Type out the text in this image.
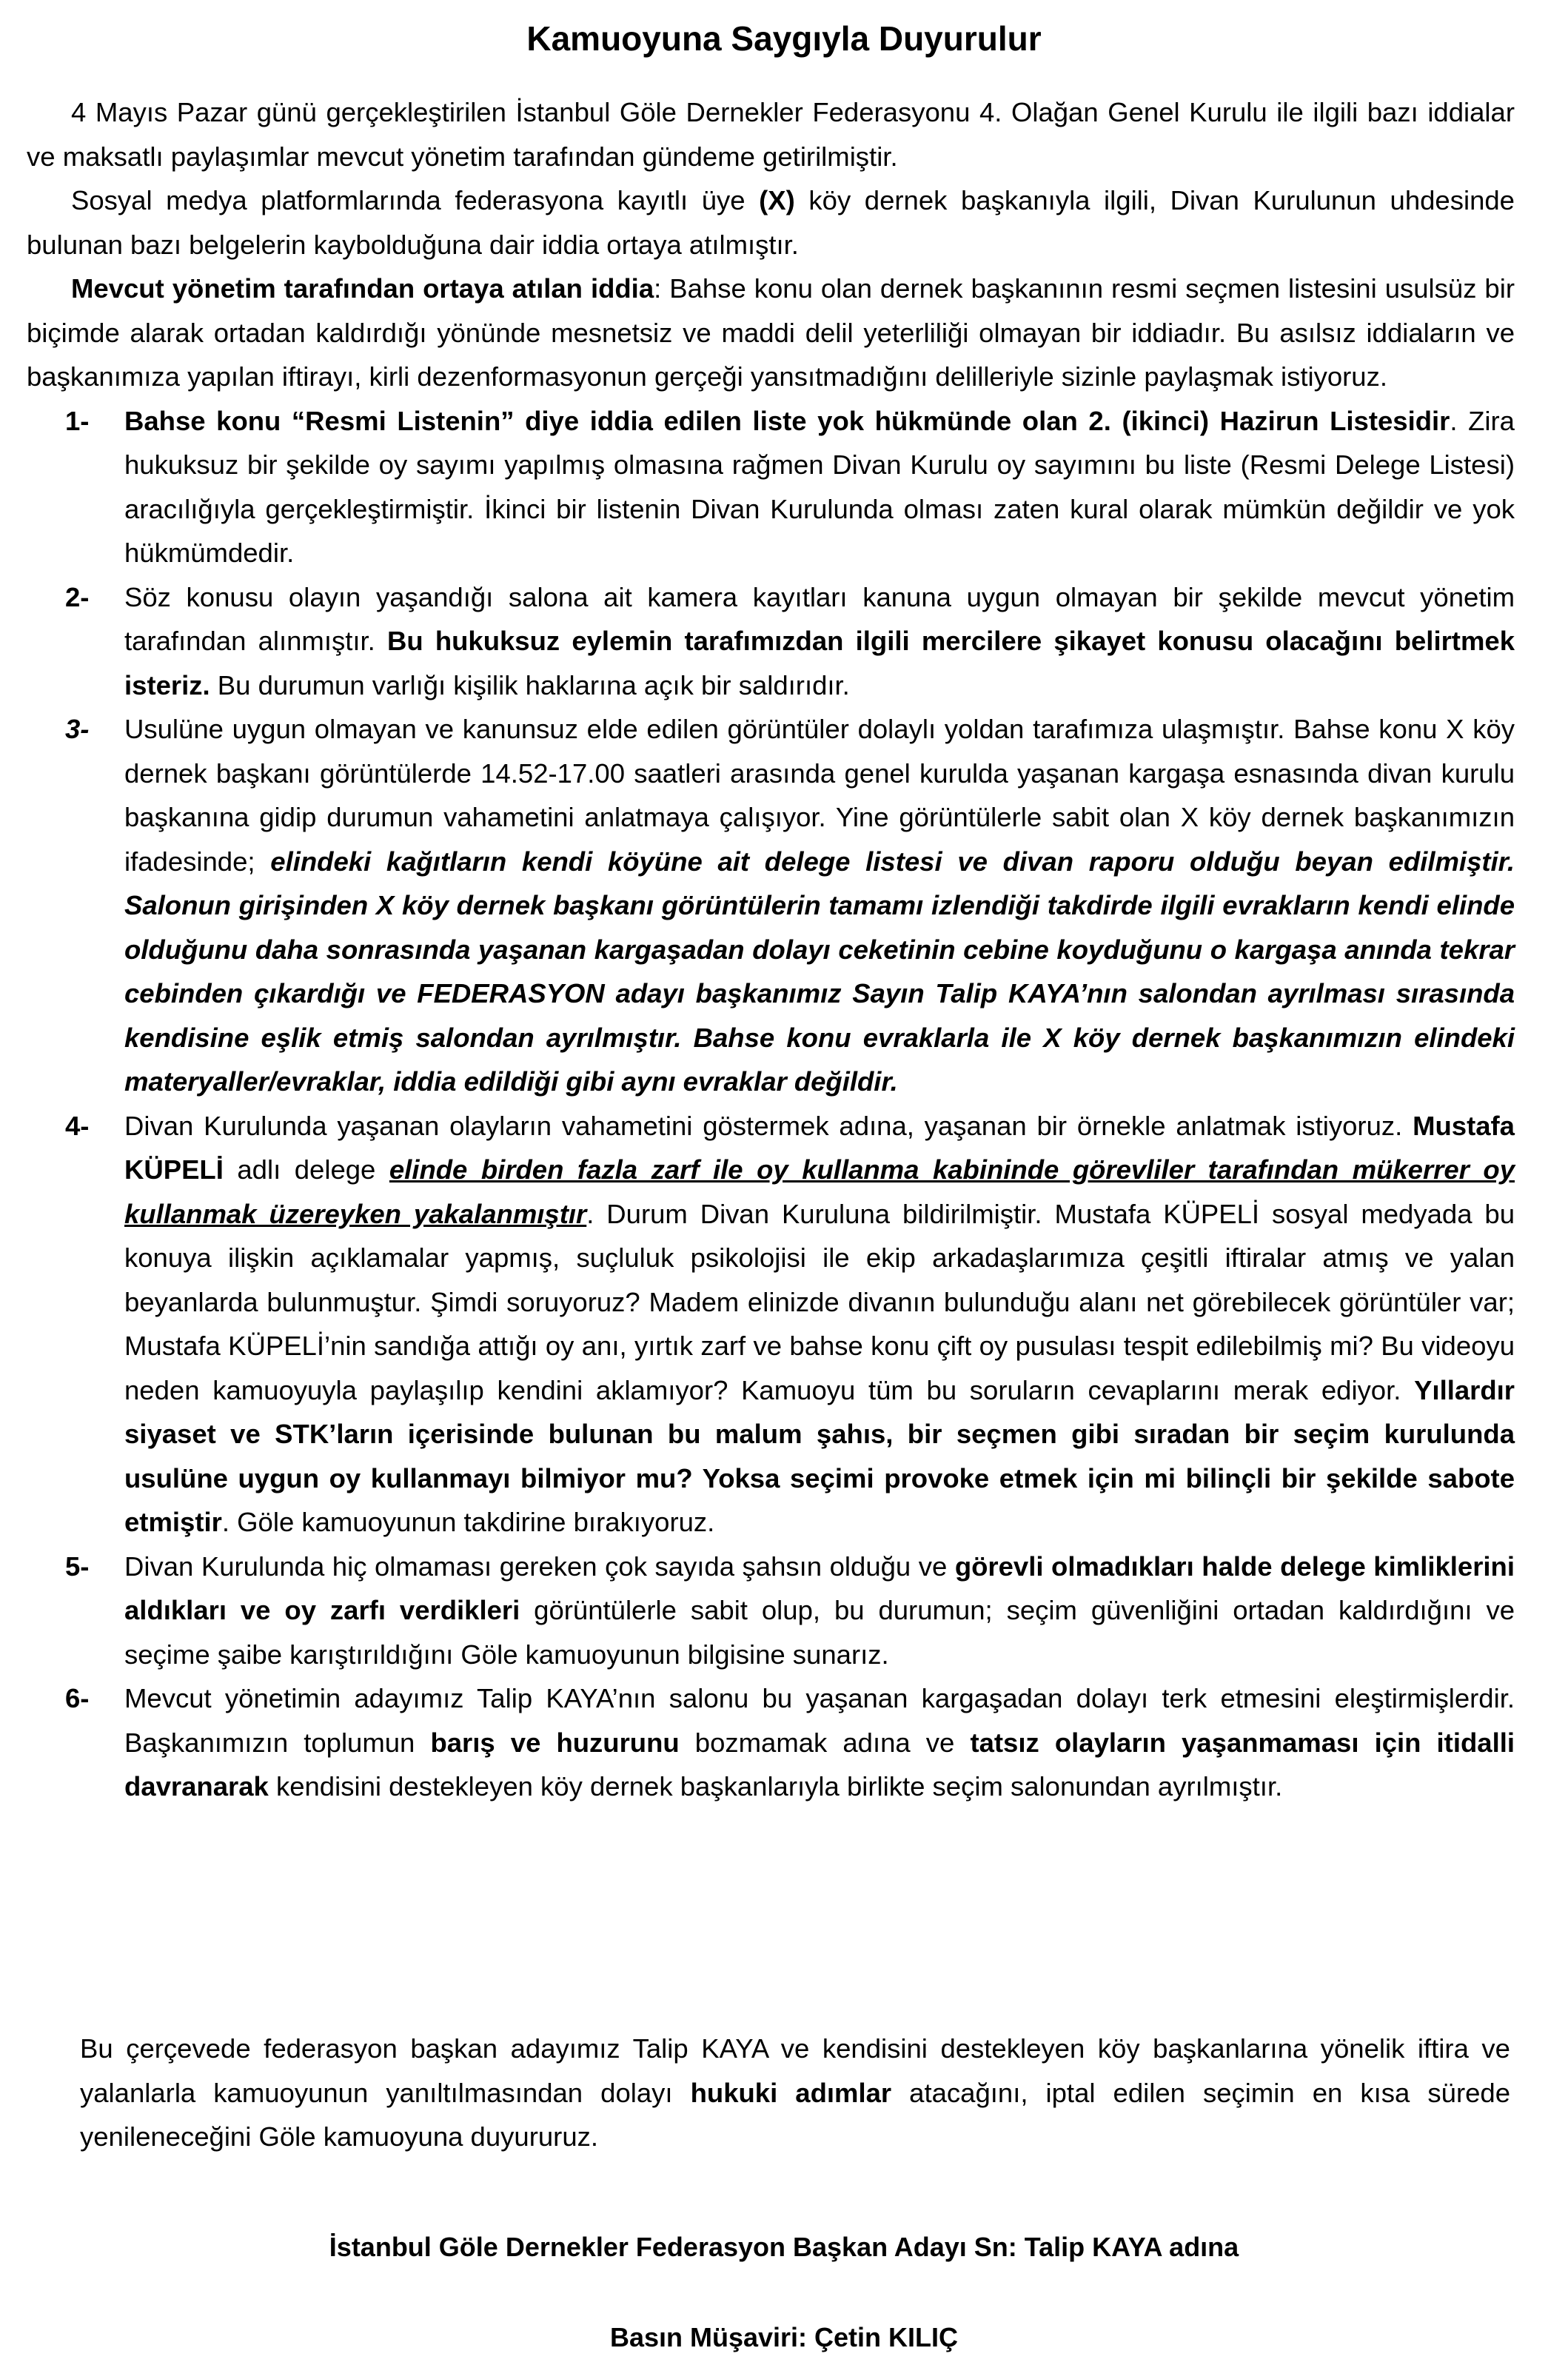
Kamuoyuna Saygıyla Duyurulur

4 Mayıs Pazar günü gerçekleştirilen İstanbul Göle Dernekler Federasyonu 4. Olağan Genel Kurulu ile ilgili bazı iddialar ve maksatlı paylaşımlar mevcut yönetim tarafından gündeme getirilmiştir.

Sosyal medya platformlarında federasyona kayıtlı üye (X) köy dernek başkanıyla ilgili, Divan Kurulunun uhdesinde bulunan bazı belgelerin kaybolduğuna dair iddia ortaya atılmıştır.

Mevcut yönetim tarafından ortaya atılan iddia: Bahse konu olan dernek başkanının resmi seçmen listesini usulsüz bir biçimde alarak ortadan kaldırdığı yönünde mesnetsiz ve maddi delil yeterliliği olmayan bir iddiadır. Bu asılsız iddiaların ve başkanımıza yapılan iftirayı, kirli dezenformasyonun gerçeği yansıtmadığını delilleriyle sizinle paylaşmak istiyoruz.

1- Bahse konu “Resmi Listenin” diye iddia edilen liste yok hükmünde olan 2. (ikinci) Hazirun Listesidir. Zira hukuksuz bir şekilde oy sayımı yapılmış olmasına rağmen Divan Kurulu oy sayımını bu liste (Resmi Delege Listesi) aracılığıyla gerçekleştirmiştir. İkinci bir listenin Divan Kurulunda olması zaten kural olarak mümkün değildir ve yok hükmümdedir.
2- Söz konusu olayın yaşandığı salona ait kamera kayıtları kanuna uygun olmayan bir şekilde mevcut yönetim tarafından alınmıştır. Bu hukuksuz eylemin tarafımızdan ilgili mercilere şikayet konusu olacağını belirtmek isteriz. Bu durumun varlığı kişilik haklarına açık bir saldırıdır.
3- Usulüne uygun olmayan ve kanunsuz elde edilen görüntüler dolaylı yoldan tarafımıza ulaşmıştır. Bahse konu X köy dernek başkanı görüntülerde 14.52-17.00 saatleri arasında genel kurulda yaşanan kargaşa esnasında divan kurulu başkanına gidip durumun vahametini anlatmaya çalışıyor. Yine görüntülerle sabit olan X köy dernek başkanımızın ifadesinde; elindeki kağıtların kendi köyüne ait delege listesi ve divan raporu olduğu beyan edilmiştir. Salonun girişinden X köy dernek başkanı görüntülerin tamamı izlendiği takdirde ilgili evrakların kendi elinde olduğunu daha sonrasında yaşanan kargaşadan dolayı ceketinin cebine koyduğunu o kargaşa anında tekrar cebinden çıkardığı ve FEDERASYON adayı başkanımız Sayın Talip KAYA’nın salondan ayrılması sırasında kendisine eşlik etmiş salondan ayrılmıştır. Bahse konu evraklarla ile X köy dernek başkanımızın elindeki materyaller/evraklar, iddia edildiği gibi aynı evraklar değildir.
4- Divan Kurulunda yaşanan olayların vahametini göstermek adına, yaşanan bir örnekle anlatmak istiyoruz. Mustafa KÜPELİ adlı delege elinde birden fazla zarf ile oy kullanma kabininde görevliler tarafından mükerrer oy kullanmak üzereyken yakalanmıştır. Durum Divan Kuruluna bildirilmiştir. Mustafa KÜPELİ sosyal medyada bu konuya ilişkin açıklamalar yapmış, suçluluk psikolojisi ile ekip arkadaşlarımıza çeşitli iftiralar atmış ve yalan beyanlarda bulunmuştur. Şimdi soruyoruz? Madem elinizde divanın bulunduğu alanı net görebilecek görüntüler var; Mustafa KÜPELİ’nin sandığa attığı oy anı, yırtık zarf ve bahse konu çift oy pusulası tespit edilebilmiş mi? Bu videoyu neden kamuoyuyla paylaşılıp kendini aklamıyor? Kamuoyu tüm bu soruların cevaplarını merak ediyor. Yıllardır siyaset ve STK’ların içerisinde bulunan bu malum şahıs, bir seçmen gibi sıradan bir seçim kurulunda usulüne uygun oy kullanmayı bilmiyor mu? Yoksa seçimi provoke etmek için mi bilinçli bir şekilde sabote etmiştir. Göle kamuoyunun takdirine bırakıyoruz.
5- Divan Kurulunda hiç olmaması gereken çok sayıda şahsın olduğu ve görevli olmadıkları halde delege kimliklerini aldıkları ve oy zarfı verdikleri görüntülerle sabit olup, bu durumun; seçim güvenliğini ortadan kaldırdığını ve seçime şaibe karıştırıldığını Göle kamuoyunun bilgisine sunarız.
6- Mevcut yönetimin adayımız Talip KAYA’nın salonu bu yaşanan kargaşadan dolayı terk etmesini eleştirmişlerdir. Başkanımızın toplumun barış ve huzurunu bozmamak adına ve tatsız olayların yaşanmaması için itidalli davranarak kendisini destekleyen köy dernek başkanlarıyla birlikte seçim salonundan ayrılmıştır.
Bu çerçevede federasyon başkan adayımız Talip KAYA ve kendisini destekleyen köy başkanlarına yönelik iftira ve yalanlarla kamuoyunun yanıltılmasından dolayı hukuki adımlar atacağını, iptal edilen seçimin en kısa sürede yenileneceğini Göle kamuoyuna duyururuz.
İstanbul Göle Dernekler Federasyon Başkan Adayı Sn: Talip KAYA adına
Basın Müşaviri: Çetin KILIÇ
